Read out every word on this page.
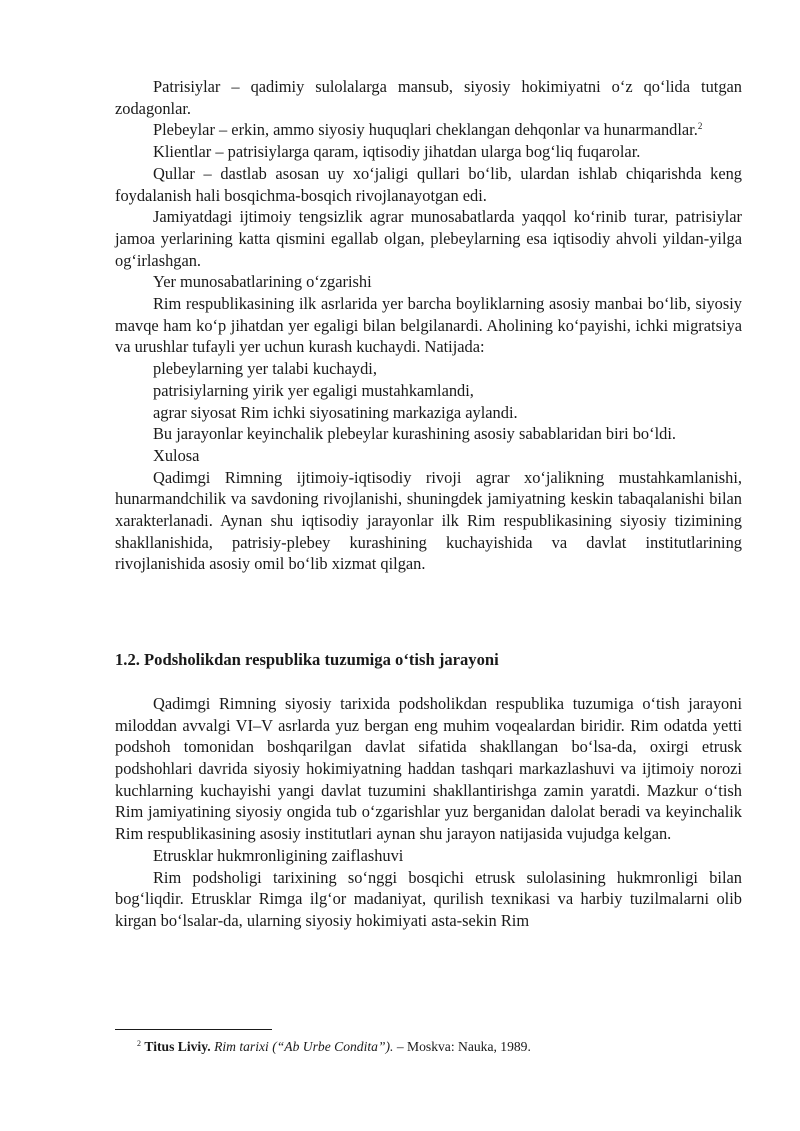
Patrisiylar – qadimiy sulolalarga mansub, siyosiy hokimiyatni o‘z qo‘lida tutgan zodagonlar.

Plebeylar – erkin, ammo siyosiy huquqlari cheklangan dehqonlar va hunarmandlar.$^2$

Klientlar – patrisiylarga qaram, iqtisodiy jihatdan ularga bog‘liq fuqarolar.

Qullar – dastlab asosan uy xo‘jaligi qullari bo‘lib, ulardan ishlab chiqarishda keng foydalanish hali bosqichma-bosqich rivojlanayotgan edi.

Jamiyatdagi ijtimoiy tengsizlik agrar munosabatlarda yaqqol ko‘rinib turar, patrisiylar jamoa yerlarining katta qismini egallab olgan, plebeylarning esa iqtisodiy ahvoli yildan-yilga og‘irlashgan.

Yer munosabatlarining o‘zgarishi

Rim respublikasining ilk asrlarida yer barcha boyliklarning asosiy manbai bo‘lib, siyosiy mavqe ham ko‘p jihatdan yer egaligi bilan belgilanardi. Aholining ko‘payishi, ichki migratsiya va urushlar tufayli yer uchun kurash kuchaydi. Natijada:

plebeylarning yer talabi kuchaydi,

patrisiylarning yirik yer egaligi mustahkamlandi,

agrar siyosat Rim ichki siyosatining markaziga aylandi.

Bu jarayonlar keyinchalik plebeylar kurashining asosiy sabablaridan biri bo‘ldi.

Xulosa

Qadimgi Rimning ijtimoiy-iqtisodiy rivoji agrar xo‘jalikning mustahkamlanishi, hunarmandchilik va savdoning rivojlanishi, shuningdek jamiyatning keskin tabaqalanishi bilan xarakterlanadi. Aynan shu iqtisodiy jarayonlar ilk Rim respublikasining siyosiy tizimining shakllanishida, patrisiy-plebey kurashining kuchayishida va davlat institutlarining rivojlanishida asosiy omil bo‘lib xizmat qilgan.

1.2. Podsholikdan respublika tuzumiga o‘tish jarayoni

Qadimgi Rimning siyosiy tarixida podsholikdan respublika tuzumiga o‘tish jarayoni miloddan avvalgi VI–V asrlarda yuz bergan eng muhim voqealardan biridir. Rim odatda yetti podshoh tomonidan boshqarilgan davlat sifatida shakllangan bo‘lsa-da, oxirgi etrusk podshohlari davrida siyosiy hokimiyatning haddan tashqari markazlashuvi va ijtimoiy norozi kuchlarning kuchayishi yangi davlat tuzumini shakllantirishga zamin yaratdi. Mazkur o‘tish Rim jamiyatining siyosiy ongida tub o‘zgarishlar yuz berganidan dalolat beradi va keyinchalik Rim respublikasining asosiy institutlari aynan shu jarayon natijasida vujudga kelgan.

Etrusklar hukmronligining zaiflashuvi

Rim podsholigi tarixining so‘nggi bosqichi etrusk sulolasining hukmronligi bilan bog‘liqdir. Etrusklar Rimga ilg‘or madaniyat, qurilish texnikasi va harbiy tuzilmalarni olib kirgan bo‘lsalar-da, ularning siyosiy hokimiyati asta-sekin Rim

$^2$ Titus Liviy. Rim tarixi (“Ab Urbe Condita”). – Moskva: Nauka, 1989.
